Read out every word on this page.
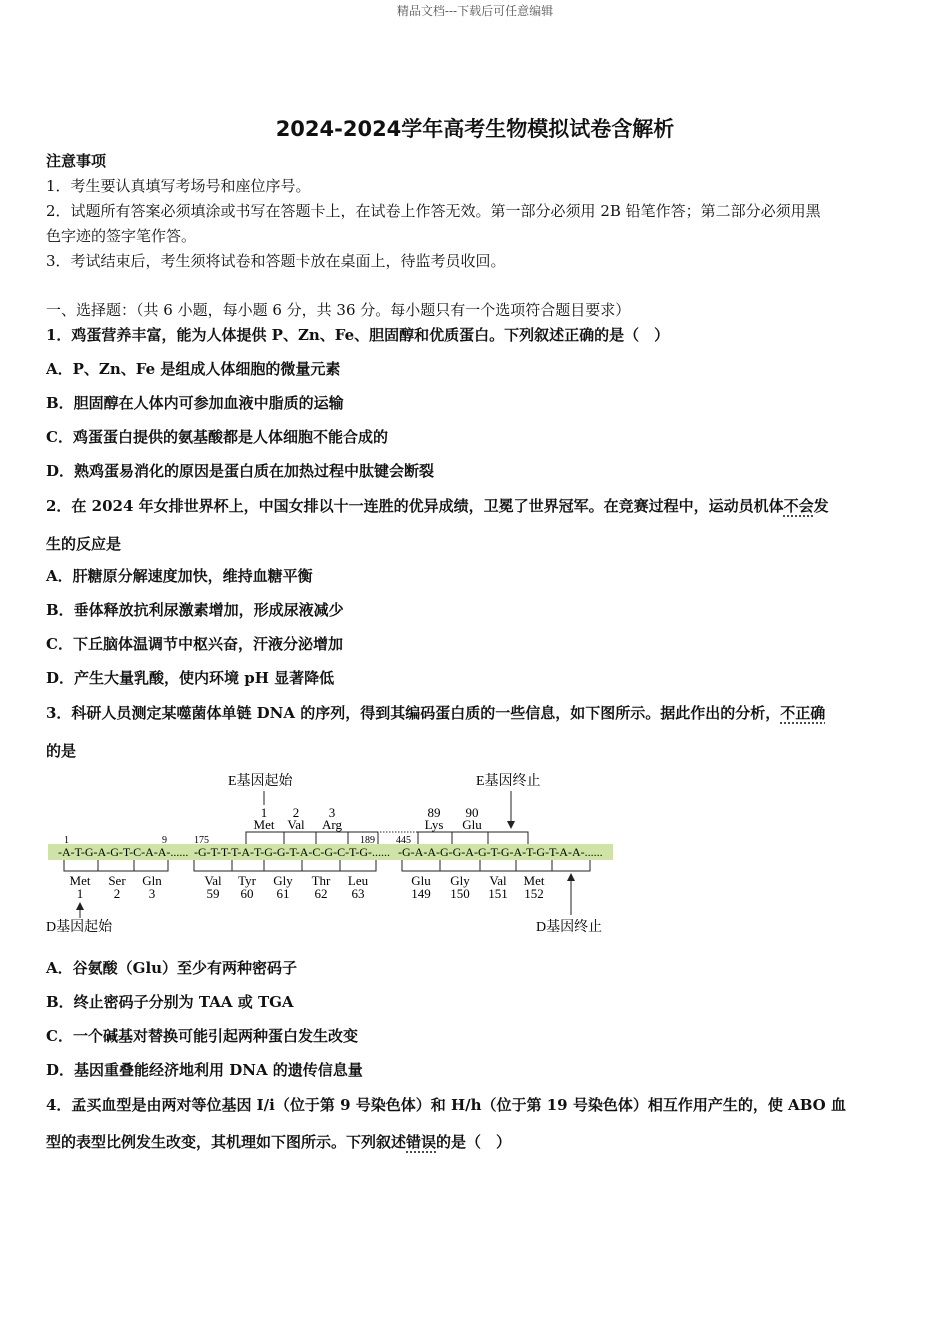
精品文档---下载后可任意编辑
2024-2024学年高考生物模拟试卷含解析
注意事项
1．考生要认真填写考场号和座位序号。
2．试题所有答案必须填涂或书写在答题卡上，在试卷上作答无效。第一部分必须用 2B 铅笔作答；第二部分必须用黑
色字迹的签字笔作答。
3．考试结束后，考生须将试卷和答题卡放在桌面上，待监考员收回。
一、选择题：（共 6 小题，每小题 6 分，共 36 分。每小题只有一个选项符合题目要求）
1．鸡蛋营养丰富，能为人体提供 P、Zn、Fe、胆固醇和优质蛋白。下列叙述正确的是（　）
A．P、Zn、Fe 是组成人体细胞的微量元素
B．胆固醇在人体内可参加血液中脂质的运输
C．鸡蛋蛋白提供的氨基酸都是人体细胞不能合成的
D．熟鸡蛋易消化的原因是蛋白质在加热过程中肽键会断裂
2．在 2024 年女排世界杯上，中国女排以十一连胜的优异成绩，卫冕了世界冠军。在竞赛过程中，运动员机体不会发
生的反应是
A．肝糖原分解速度加快，维持血糖平衡
B．垂体释放抗利尿激素增加，形成尿液减少
C．下丘脑体温调节中枢兴奋，汗液分泌增加
D．产生大量乳酸，使内环境 pH 显著降低
3．科研人员测定某噬菌体单链 DNA 的序列，得到其编码蛋白质的一些信息，如下图所示。据此作出的分析，不正确
的是
1	9	175	189 445
-A-T-G-A-G-T-C-A-A-...... -G-T-T-T-A-T-G-G-T-A-C-G-C-T-G-...... -G-A-A-G-G-A-G-T-G-A-T-G-T-A-A-......
1
Met
2
Val
3
Arg
89
Lys
90
Glu
E基因起始	E基因终止
Met
1
Ser
2
Gln
3
Val
59
Tyr
60
Gly
61
Thr
62
Leu
63
Glu
149
Gly
150
Val
151
Met
152
D基因起始	D基因终止
A．谷氨酸（Glu）至少有两种密码子
B．终止密码子分别为 TAA 或 TGA
C．一个碱基对替换可能引起两种蛋白发生改变
D．基因重叠能经济地利用 DNA 的遗传信息量
4．孟买血型是由两对等位基因 I/i（位于第 9 号染色体）和 H/h（位于第 19 号染色体）相互作用产生的，使 ABO 血
型的表型比例发生改变，其机理如下图所示。下列叙述错误的是（　）
